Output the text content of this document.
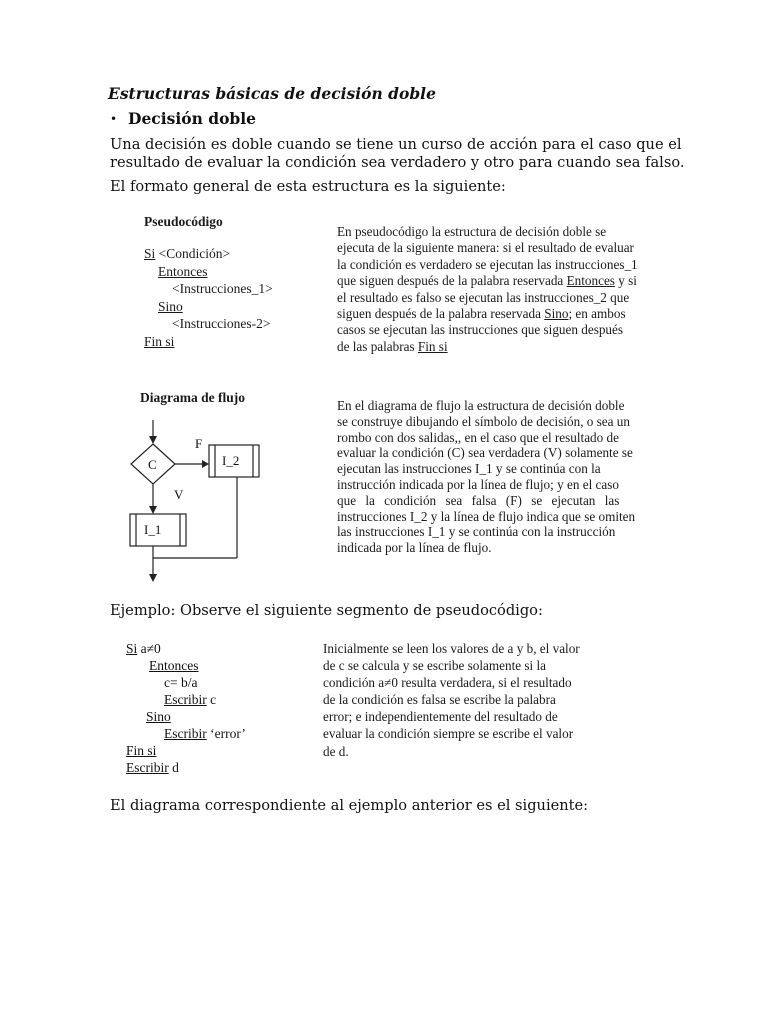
Estructuras básicas de decisión doble
• Decisión doble
Una decisión es doble cuando se tiene un curso de acción para el caso que el
resultado de evaluar la condición sea verdadero y otro para cuando sea falso.
El formato general de esta estructura es la siguiente:
Pseudocódigo
Si <Condición>
Entonces
<Instrucciones_1>
Sino
<Instrucciones-2>
Fin si
En pseudocódigo la estructura de decisión doble se
ejecuta de la siguiente manera: si el resultado de evaluar
la condición es verdadero se ejecutan las instrucciones_1
que siguen después de la palabra reservada Entonces y si
el resultado es falso se ejecutan las instrucciones_2 que
siguen después de la palabra reservada Sino; en ambos
casos se ejecutan las instrucciones que siguen después
de las palabras Fin si
Diagrama de flujo
C
F
V
I_2
I_1
En el diagrama de flujo la estructura de decisión doble
se construye dibujando el símbolo de decisión, o sea un
rombo con dos salidas,, en el caso que el resultado de
evaluar la condición (C) sea verdadera (V) solamente se
ejecutan las instrucciones I_1 y se continúa con la
instrucción indicada por la línea de flujo; y en el caso
que la condición sea falsa (F) se ejecutan las
instrucciones I_2 y la línea de flujo indica que se omiten
las instrucciones I_1 y se continúa con la instrucción
indicada por la línea de flujo.
Ejemplo: Observe el siguiente segmento de pseudocódigo:
Si a≠0
Entonces
c= b/a
Escribir c
Sino
Escribir ‘error’
Fin si
Escribir d
Inicialmente se leen los valores de a y b, el valor
de c se calcula y se escribe solamente si la
condición a≠0 resulta verdadera, si el resultado
de la condición es falsa se escribe la palabra
error; e independientemente del resultado de
evaluar la condición siempre se escribe el valor
de d.
El diagrama correspondiente al ejemplo anterior es el siguiente:
